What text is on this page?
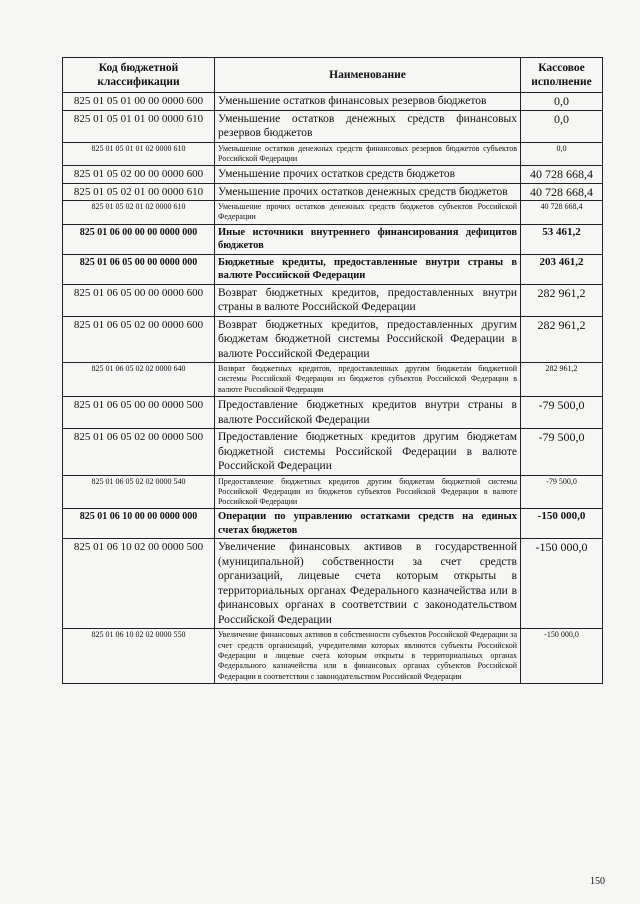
Код бюджетной классификации	Наименование	Кассовое исполнение
825 01 05 01 00 00 0000 600	Уменьшение остатков финансовых резервов бюджетов	0,0
825 01 05 01 01 00 0000 610	Уменьшение остатков денежных средств финансовых резервов бюджетов	0,0
825 01 05 01 01 02 0000 610	Уменьшение остатков денежных средств финансовых резервов бюджетов субъектов Российской Федерации	0,0
825 01 05 02 00 00 0000 600	Уменьшение прочих остатков средств бюджетов	40 728 668,4
825 01 05 02 01 00 0000 610	Уменьшение прочих остатков денежных средств бюджетов	40 728 668,4
825 01 05 02 01 02 0000 610	Уменьшение прочих остатков денежных средств бюджетов субъектов Российской Федерации	40 728 668,4
825 01 06 00 00 00 0000 000	Иные источники внутреннего финансирования дефицитов бюджетов	53 461,2
825 01 06 05 00 00 0000 000	Бюджетные кредиты, предоставленные внутри страны в валюте Российской Федерации	203 461,2
825 01 06 05 00 00 0000 600	Возврат бюджетных кредитов, предоставленных внутри страны в валюте Российской Федерации	282 961,2
825 01 06 05 02 00 0000 600	Возврат бюджетных кредитов, предоставленных другим бюджетам бюджетной системы Российской Федерации в валюте Российской Федерации	282 961,2
825 01 06 05 02 02 0000 640	Возврат бюджетных кредитов, предоставленных другим бюджетам бюджетной системы Российской Федерации из бюджетов субъектов Российской Федерации в валюте Российской Федерации	282 961,2
825 01 06 05 00 00 0000 500	Предоставление бюджетных кредитов внутри страны в валюте Российской Федерации	-79 500,0
825 01 06 05 02 00 0000 500	Предоставление бюджетных кредитов другим бюджетам бюджетной системы Российской Федерации в валюте Российской Федерации	-79 500,0
825 01 06 05 02 02 0000 540	Предоставление бюджетных кредитов другим бюджетам бюджетной системы Российской Федерации из бюджетов субъектов Российской Федерации в валюте Российской Федерации	-79 500,0
825 01 06 10 00 00 0000 000	Операции по управлению остатками средств на единых счетах бюджетов	-150 000,0
825 01 06 10 02 00 0000 500	Увеличение финансовых активов в государственной (муниципальной) собственности за счет средств организаций, лицевые счета которым открыты в территориальных органах Федерального казначейства или в финансовых органах в соответствии с законодательством Российской Федерации	-150 000,0
825 01 06 10 02 02 0000 550	Увеличение финансовых активов в собственности субъектов Российской Федерации за счет средств организаций, учредителями которых являются субъекты Российской Федерации и лицевые счета которым открыты в территориальных органах Федерального казначейства или в финансовых органах субъектов Российской Федерации в соответствии с законодательством Российской Федерации	-150 000,0
150
